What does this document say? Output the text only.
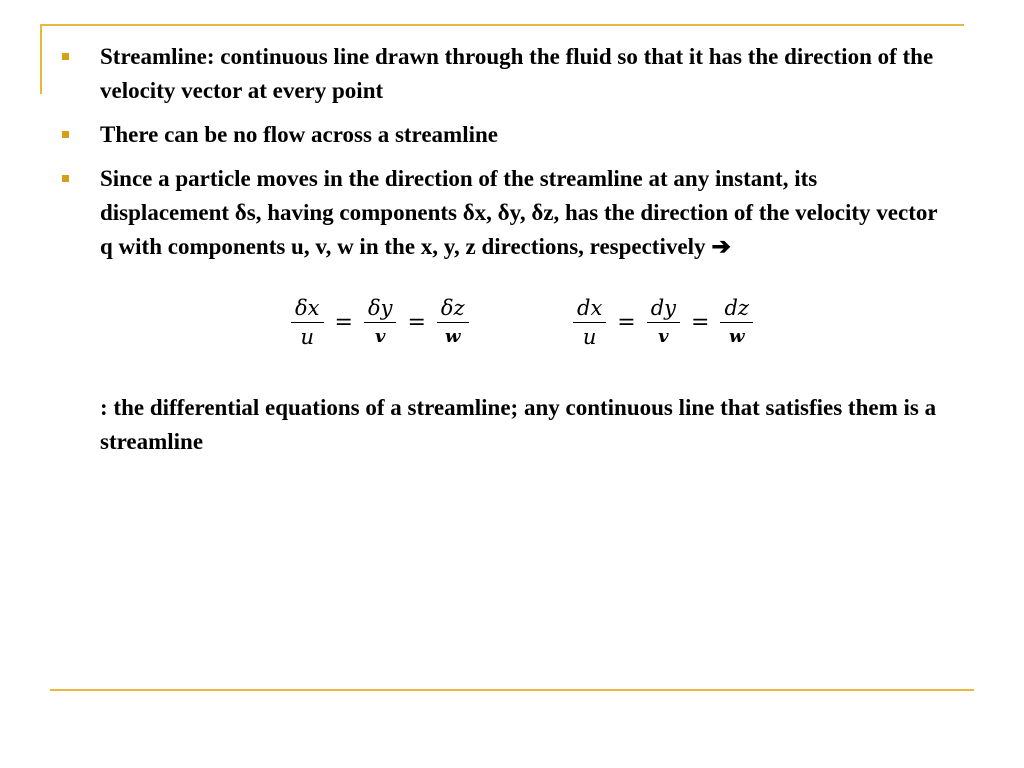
Streamline: continuous line drawn through the fluid so that it has the direction of the velocity vector at every point
There can be no flow across a streamline
Since a particle moves in the direction of the streamline at any instant, its displacement δs, having components δx, δy, δz, has the direction of the velocity vector q with components u, v, w in the x, y, z directions, respectively ➔
$\frac{\delta x}{u} = \frac{\delta y}{v} = \frac{\delta z}{w}$	$\frac{dx}{u} = \frac{dy}{v} = \frac{dz}{w}$
: the differential equations of a streamline; any continuous line that satisfies them is a streamline
